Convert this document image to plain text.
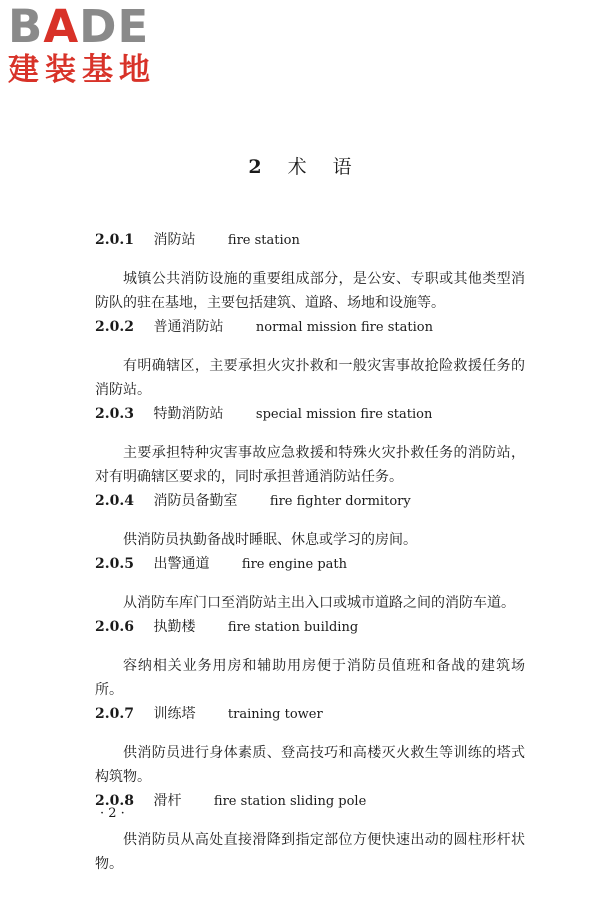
BADE
建装基地
2 术 语
2.0.1 消防站 fire station

城镇公共消防设施的重要组成部分，是公安、专职或其他类型消防队的驻在基地，主要包括建筑、道路、场地和设施等。

2.0.2 普通消防站 normal mission fire station

有明确辖区，主要承担火灾扑救和一般灾害事故抢险救援任务的消防站。

2.0.3 特勤消防站 special mission fire station

主要承担特种灾害事故应急救援和特殊火灾扑救任务的消防站，对有明确辖区要求的，同时承担普通消防站任务。

2.0.4 消防员备勤室 fire fighter dormitory

供消防员执勤备战时睡眠、休息或学习的房间。

2.0.5 出警通道 fire engine path

从消防车库门口至消防站主出入口或城市道路之间的消防车道。

2.0.6 执勤楼 fire station building

容纳相关业务用房和辅助用房便于消防员值班和备战的建筑场所。

2.0.7 训练塔 training tower

供消防员进行身体素质、登高技巧和高楼灭火救生等训练的塔式构筑物。

2.0.8 滑杆 fire station sliding pole

供消防员从高处直接滑降到指定部位方便快速出动的圆柱形杆状物。

· 2 ·
